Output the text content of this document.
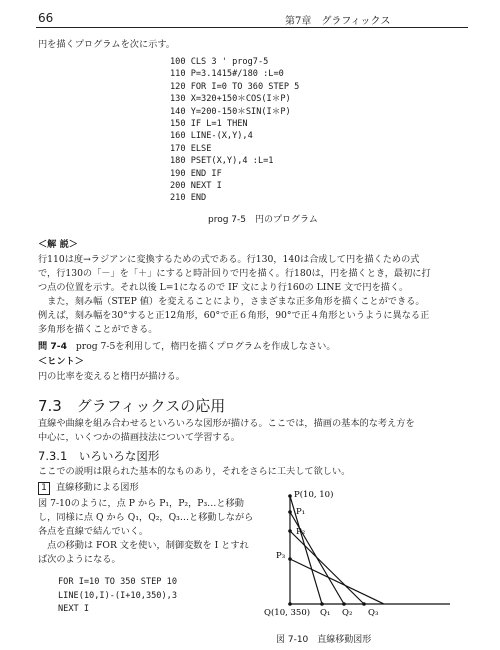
66	第7章　グラフィックス
円を描くプログラムを次に示す。
100 CLS 3 ' prog7-5
110 P=3.1415#/180 :L=0
120 FOR I=0 TO 360 STEP 5
130 X=320+150＊COS(I＊P)
140 Y=200-150＊SIN(I＊P)
150 IF L=1 THEN
160 LINE-(X,Y),4
170 ELSE
180 PSET(X,Y),4 :L=1
190 END IF
200 NEXT I
210 END
prog 7-5　円のプログラム
＜解 説＞
行110は度→ラジアンに変換するための式である。行130，140は合成して円を描くための式
で，行130の「－」を「＋」にすると時計回りで円を描く。行180は，円を描くとき，最初に打
つ点の位置を示す。それ以後 L=1になるので IF 文により行160の LINE 文で円を描く。
　また，刻み幅（STEP 値）を変えることにより，さまざまな正多角形を描くことができる。
例えば，刻み幅を30°すると正12角形，60°で正６角形，90°で正４角形というように異なる正
多角形を描くことができる。
問 7-4 prog 7-5を利用して，楕円を描くプログラムを作成しなさい。
＜ヒント＞
円の比率を変えると楕円が描ける。
7.3 グラフィックスの応用
直線や曲線を組み合わせるといろいろな図形が描ける。ここでは，描画の基本的な考え方を
中心に，いくつかの描画技法について学習する。
7.3.1 いろいろな図形
ここでの説明は限られた基本的なものあり，それをさらに工夫して欲しい。
1 直線移動による図形
図 7-10のように，点 P から P₁，P₂，P₃…と移動
し，同様に点 Q から Q₁，Q₂，Q₃…と移動しながら
各点を直線で結んでいく。
　点の移動は FOR 文を使い，制御変数を I とすれ
ば次のようになる。
FOR I=10 TO 350 STEP 10
LINE(10,I)-(I+10,350),3
NEXT I
P(10, 10)
P₁
P₂
P₃
Q(10, 350) Q₁ Q₂ Q₃
図 7-10　直線移動図形
